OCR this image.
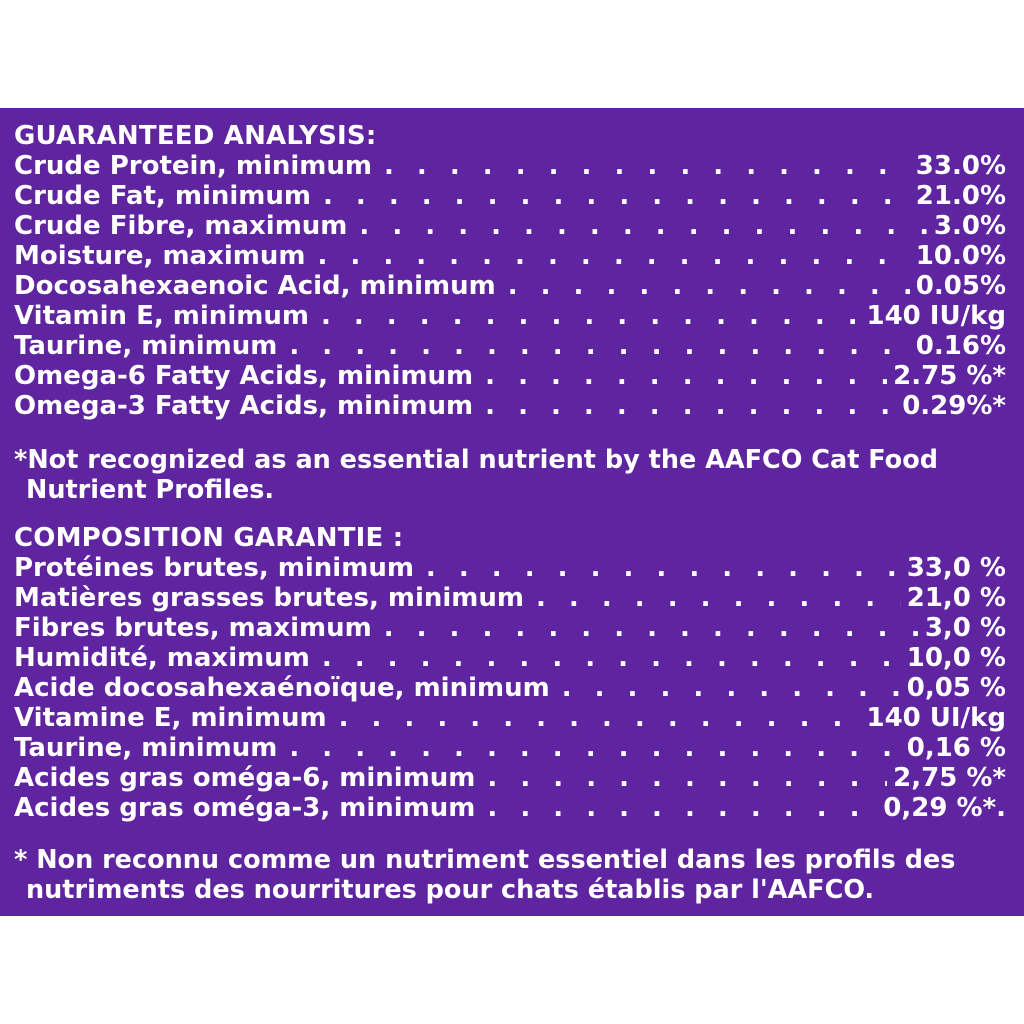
GUARANTEED ANALYSIS:
Crude Protein, minimum . . .	33.0%
Crude Fat, minimum . . .	21.0%
Crude Fibre, maximum . . .	3.0%
Moisture, maximum . . .	10.0%
Docosahexaenoic Acid, minimum . . .	0.05%
Vitamin E, minimum . . .	140 IU/kg
Taurine, minimum . . .	0.16%
Omega-6 Fatty Acids, minimum . . .	2.75 %*
Omega-3 Fatty Acids, minimum . . .	0.29%*
*Not recognized as an essential nutrient by the AAFCO Cat Food
Nutrient Profiles.
COMPOSITION GARANTIE :
Protéines brutes, minimum . . .	33,0 %
Matières grasses brutes, minimum . . .	21,0 %
Fibres brutes, maximum . . .	3,0 %
Humidité, maximum . . .	10,0 %
Acide docosahexaénoïque, minimum . . .	0,05 %
Vitamine E, minimum . . .	140 UI/kg
Taurine, minimum . . .	0,16 %
Acides gras oméga-6, minimum . . .	2,75 %*
Acides gras oméga-3, minimum . . .	0,29 %*.
* Non reconnu comme un nutriment essentiel dans les profils des
nutriments des nourritures pour chats établis par l'AAFCO.
